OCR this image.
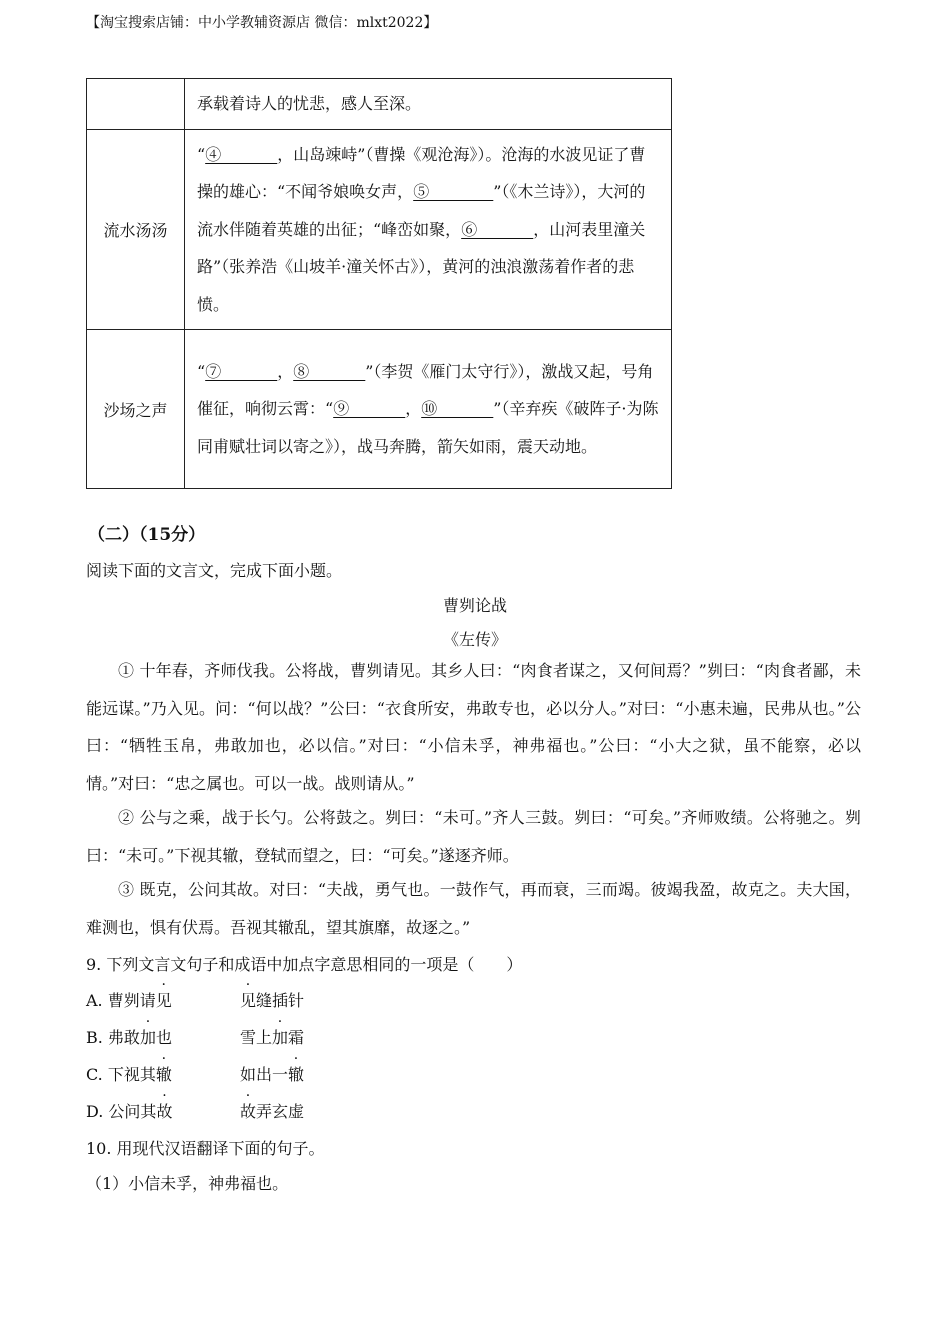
【淘宝搜索店铺：中小学教辅资源店 微信：mlxt2022】
	承载着诗人的忧悲，感人至深。
流水汤汤	“④_______，山岛竦峙”（曹操《观沧海》）。沧海的水波见证了曹操的雄心：“不闻爷娘唤女声，⑤________”（《木兰诗》），大河的流水伴随着英雄的出征；“峰峦如聚，⑥_______，山河表里潼关路”（张养浩《山坡羊·潼关怀古》），黄河的浊浪激荡着作者的悲愤。
沙场之声	“⑦_______，⑧_______”（李贺《雁门太守行》），激战又起，号角催征，响彻云霄：“⑨_______，⑩_______”（辛弃疾《破阵子·为陈同甫赋壮词以寄之》），战马奔腾，箭矢如雨，震天动地。
（二）（15分）
阅读下面的文言文，完成下面小题。
曹刿论战
《左传》
① 十年春，齐师伐我。公将战，曹刿请见。其乡人曰：“肉食者谋之，又何间焉？”刿曰：“肉食者鄙，未能远谋。”乃入见。问：“何以战？”公曰：“衣食所安，弗敢专也，必以分人。”对曰：“小惠未遍，民弗从也。”公曰：“牺牲玉帛，弗敢加也，必以信。”对曰：“小信未孚，神弗福也。”公曰：“小大之狱，虽不能察，必以情。”对曰：“忠之属也。可以一战。战则请从。”
② 公与之乘，战于长勺。公将鼓之。刿曰：“未可。”齐人三鼓。刿曰：“可矣。”齐师败绩。公将驰之。刿曰：“未可。”下视其辙，登轼而望之，曰：“可矣。”遂逐齐师。
③ 既克，公问其故。对曰：“夫战，勇气也。一鼓作气，再而衰，三而竭。彼竭我盈，故克之。夫大国，难测也，惧有伏焉。吾视其辙乱，望其旗靡，故逐之。”
9. 下列文言文句子和成语中加点字意思相同的一项是（　　）
A. 曹刿请见	见缝插针
B. 弗敢加也	雪上加霜
C. 下视其辙	如出一辙
D. 公问其故	故弄玄虚
10. 用现代汉语翻译下面的句子。
（1）小信未孚，神弗福也。
